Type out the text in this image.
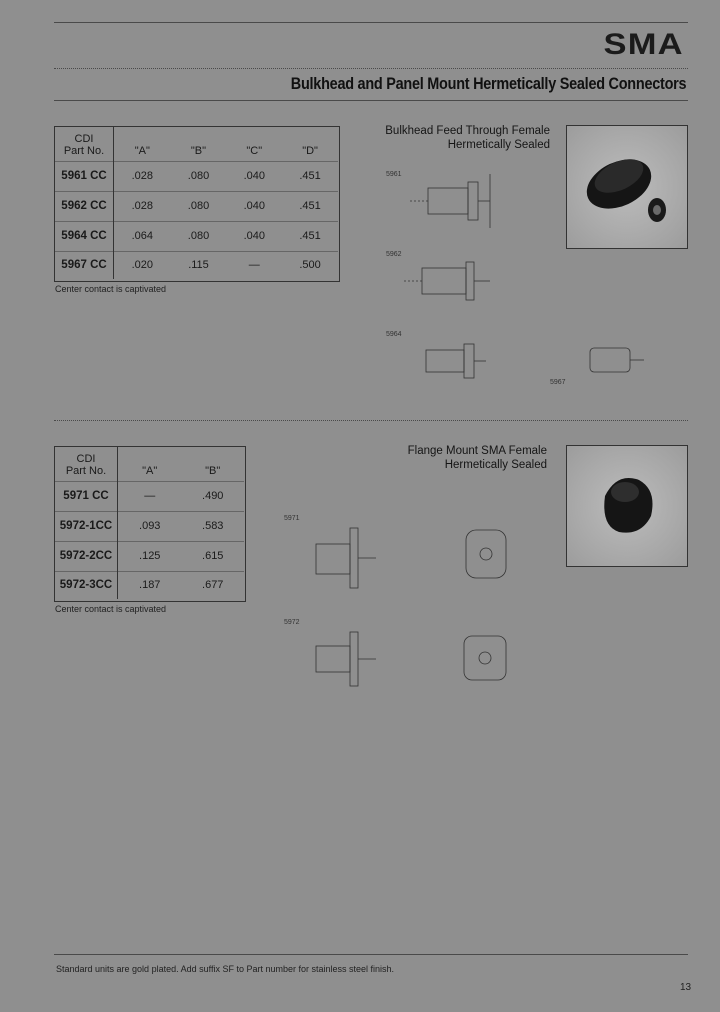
SMA
Bulkhead and Panel Mount Hermetically Sealed Connectors
CDI
Part No.	"A"	"B"	"C"	"D"
5961 CC	.028	.080	.040	.451
5962 CC	.028	.080	.040	.451
5964 CC	.064	.080	.040	.451
5967 CC	.020	.115	—	.500
Center contact is captivated
Bulkhead Feed Through Female
Hermetically Sealed
5961
5962
5964
5967
CDI
Part No.	"A"	"B"
5971 CC	—	.490
5972-1CC	.093	.583
5972-2CC	.125	.615
5972-3CC	.187	.677
Center contact is captivated
Flange Mount SMA Female
Hermetically Sealed
5971
5972
Standard units are gold plated. Add suffix SF to Part number for stainless steel finish.
13
